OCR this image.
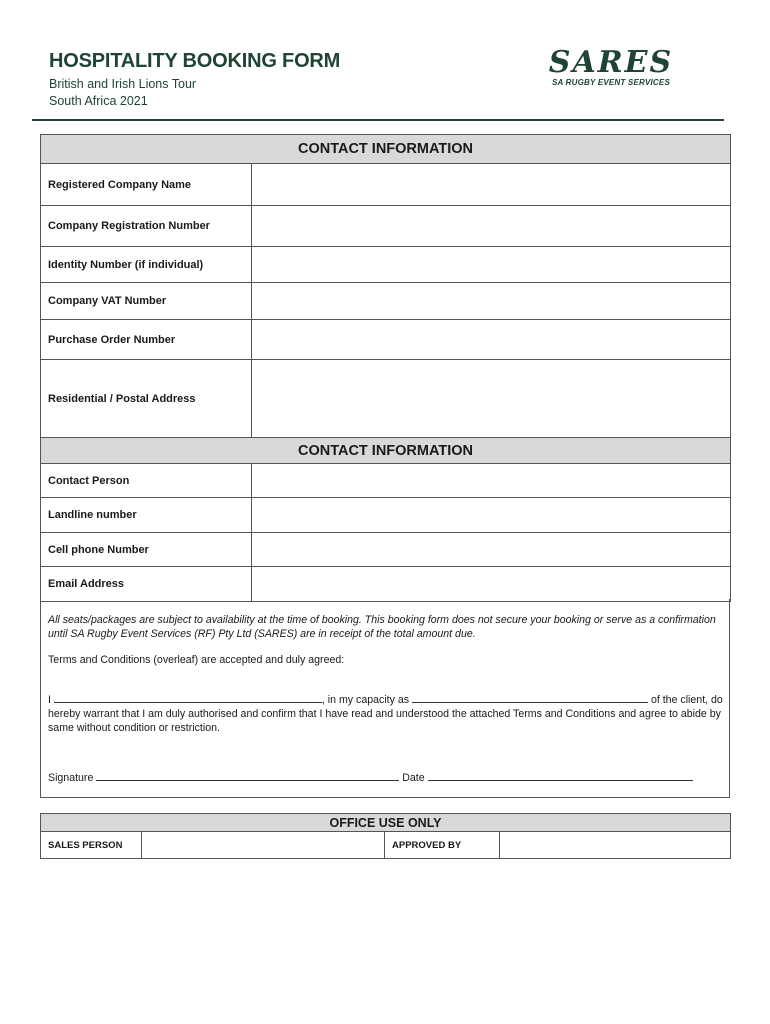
HOSPITALITY BOOKING FORM
British and Irish Lions Tour
South Africa 2021
SARES
SA RUGBY EVENT SERVICES
CONTACT INFORMATION	
Registered Company Name	
Company Registration Number	
Identity Number (if individual)	
Company VAT Number	
Purchase Order Number	
Residential / Postal Address	
CONTACT INFORMATION	
Contact Person	
Landline number	
Cell phone Number	
Email Address	

All seats/packages are subject to availability at the time of booking. This booking form does not secure your booking or serve as a confirmation until SA Rugby Event Services (RF) Pty Ltd (SARES) are in receipt of the total amount due.

Terms and Conditions (overleaf) are accepted and duly agreed:

I	, in my capacity as	of the client, do hereby warrant that I am duly authorised and confirm that I have read and understood the attached Terms and Conditions and agree to abide by same without condition or restriction.

Signature	Date

OFFICE USE ONLY
SALES PERSON		APPROVED BY	
